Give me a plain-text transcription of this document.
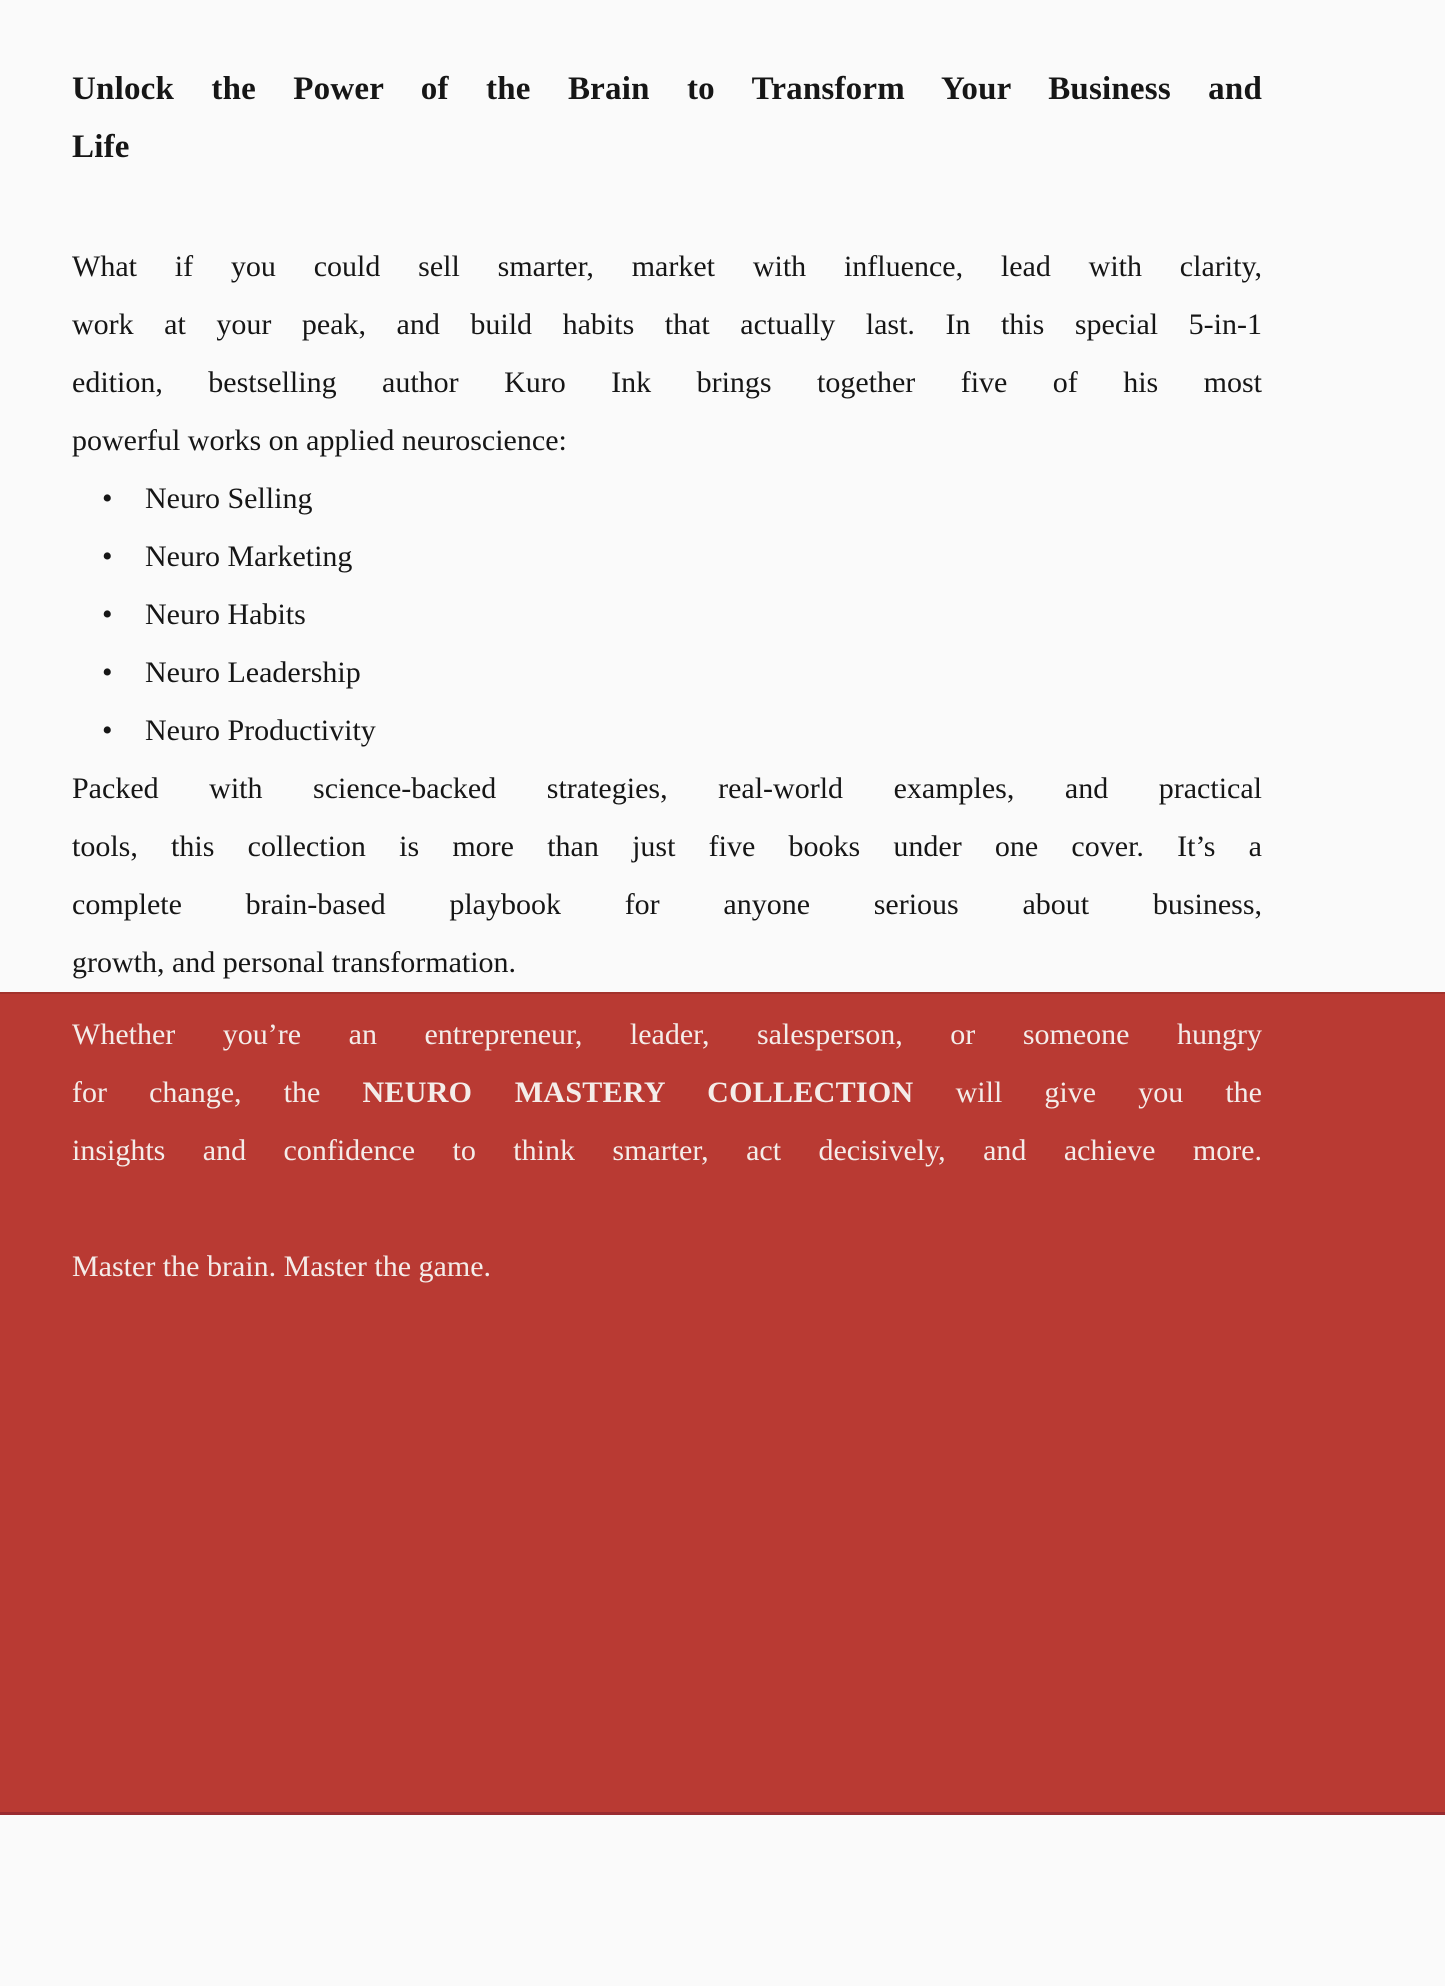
Unlock the Power of the Brain to Transform Your Business and
Life
What if you could sell smarter, market with influence, lead with clarity,
work at your peak, and build habits that actually last. In this special 5-in-1
edition, bestselling author Kuro Ink brings together five of his most
powerful works on applied neuroscience:
• Neuro Selling
• Neuro Marketing
• Neuro Habits
• Neuro Leadership
• Neuro Productivity
Packed with science-backed strategies, real-world examples, and practical
tools, this collection is more than just five books under one cover. It’s a
complete brain-based playbook for anyone serious about business,
growth, and personal transformation.
Whether you’re an entrepreneur, leader, salesperson, or someone hungry
for change, the NEURO MASTERY COLLECTION will give you the
insights and confidence to think smarter, act decisively, and achieve more.
Master the brain. Master the game.
